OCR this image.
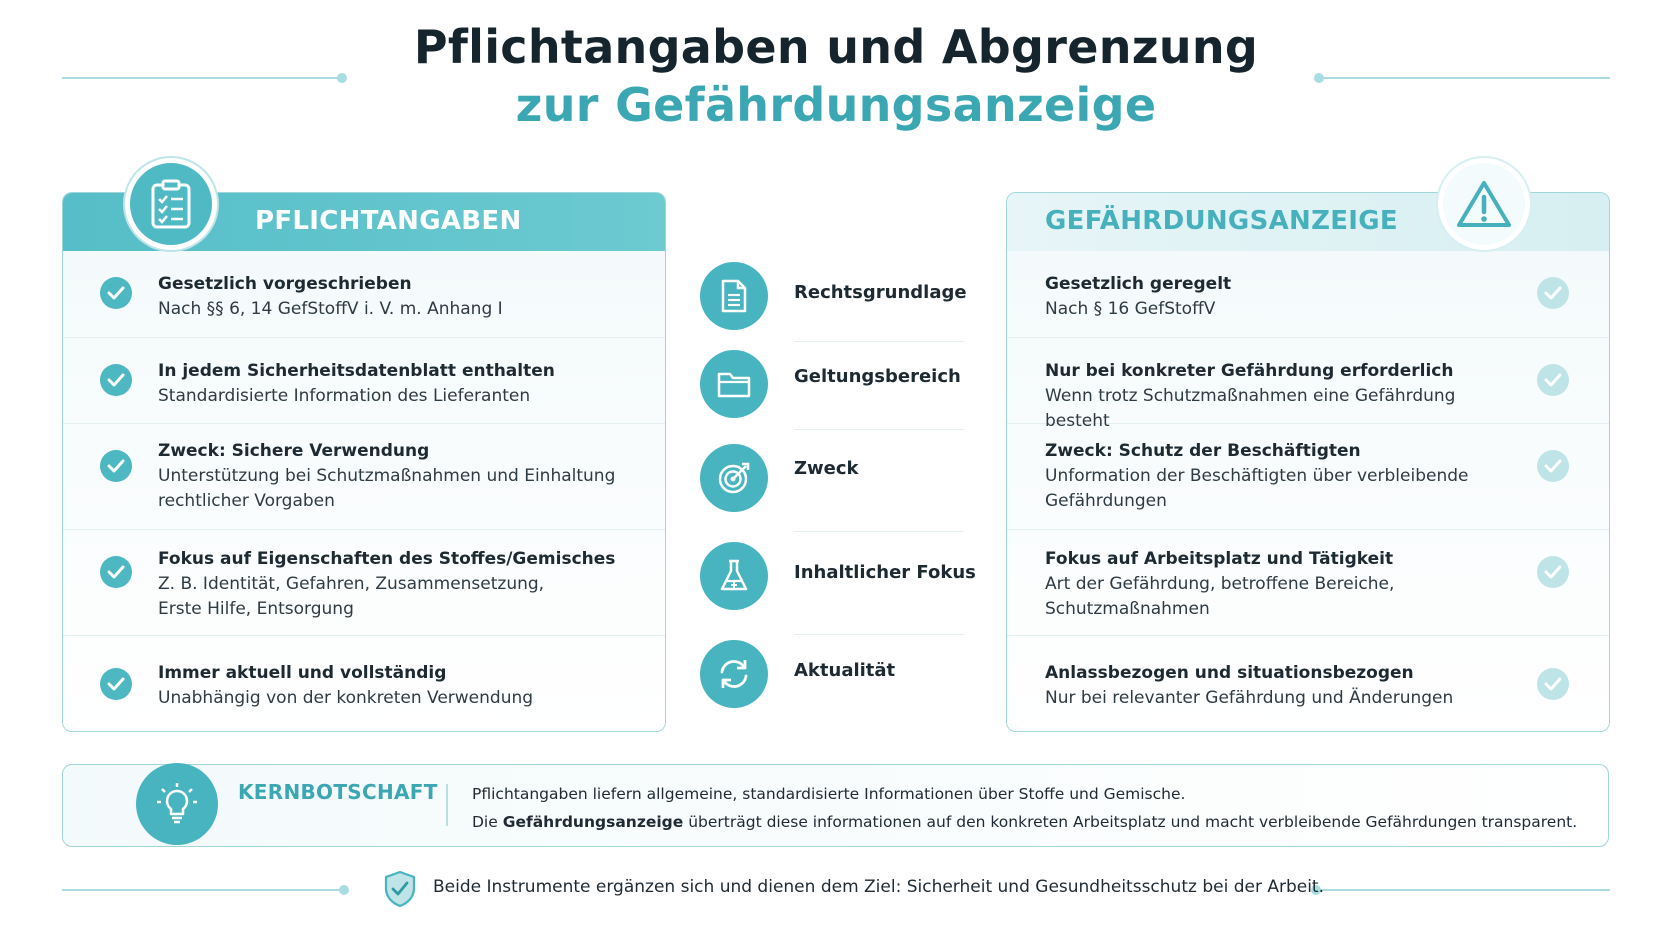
Pflichtangaben und Abgrenzung
zur Gefährdungsanzeige
PFLICHTANGABEN
Gesetzlich vorgeschrieben
Nach §§ 6, 14 GefStoffV i. V. m. Anhang I
In jedem Sicherheitsdatenblatt enthalten
Standardisierte Information des Lieferanten
Zweck: Sichere Verwendung
Unterstützung bei Schutzmaßnahmen und Einhaltung
rechtlicher Vorgaben
Fokus auf Eigenschaften des Stoffes/Gemisches
Z. B. Identität, Gefahren, Zusammensetzung,
Erste Hilfe, Entsorgung
Immer aktuell und vollständig
Unabhängig von der konkreten Verwendung
GEFÄHRDUNGSANZEIGE
Gesetzlich geregelt
Nach § 16 GefStoffV
Nur bei konkreter Gefährdung erforderlich
Wenn trotz Schutzmaßnahmen eine Gefährdung besteht
Zweck: Schutz der Beschäftigten
Unformation der Beschäftigten über verbleibende
Gefährdungen
Fokus auf Arbeitsplatz und Tätigkeit
Art der Gefährdung, betroffene Bereiche,
Schutzmaßnahmen
Anlassbezogen und situationsbezogen
Nur bei relevanter Gefährdung und Änderungen
Rechtsgrundlage
Geltungsbereich
Zweck
Inhaltlicher Fokus
Aktualität
KERNBOTSCHAFT Pflichtangaben liefern allgemeine, standardisierte Informationen über Stoffe und Gemische.
Die Gefährdungsanzeige überträgt diese informationen auf den konkreten Arbeitsplatz und macht verbleibende Gefährdungen transparent.
Beide Instrumente ergänzen sich und dienen dem Ziel: Sicherheit und Gesundheitsschutz bei der Arbeit.
